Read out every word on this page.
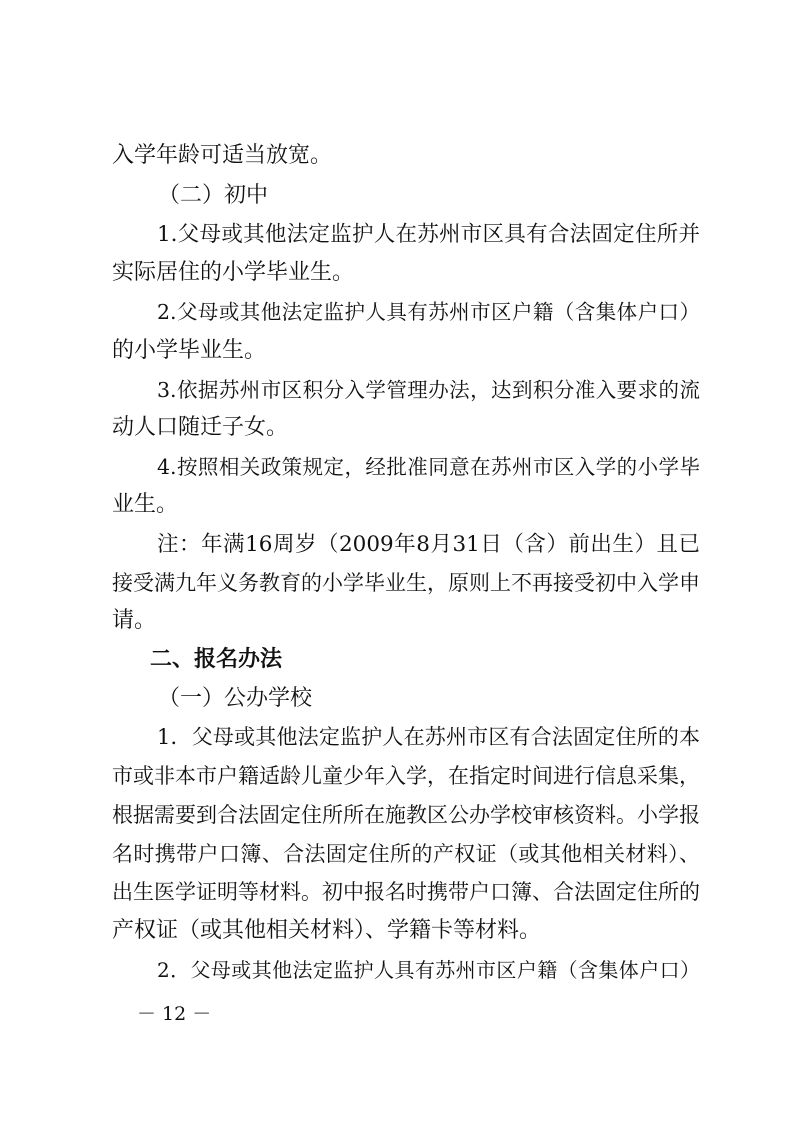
入学年龄可适当放宽。
（二）初中
1.父母或其他法定监护人在苏州市区具有合法固定住所并
实际居住的小学毕业生。
2.父母或其他法定监护人具有苏州市区户籍（含集体户口）
的小学毕业生。
3.依据苏州市区积分入学管理办法，达到积分准入要求的流
动人口随迁子女。
4.按照相关政策规定，经批准同意在苏州市区入学的小学毕
业生。
注：年满16周岁（2009年8月31日（含）前出生）且已
接受满九年义务教育的小学毕业生，原则上不再接受初中入学申
请。
二、报名办法
（一）公办学校
1．父母或其他法定监护人在苏州市区有合法固定住所的本
市或非本市户籍适龄儿童少年入学，在指定时间进行信息采集，
根据需要到合法固定住所所在施教区公办学校审核资料。小学报
名时携带户口簿、合法固定住所的产权证（或其他相关材料）、
出生医学证明等材料。初中报名时携带户口簿、合法固定住所的
产权证（或其他相关材料）、学籍卡等材料。
2．父母或其他法定监护人具有苏州市区户籍（含集体户口）
－ 12 －
